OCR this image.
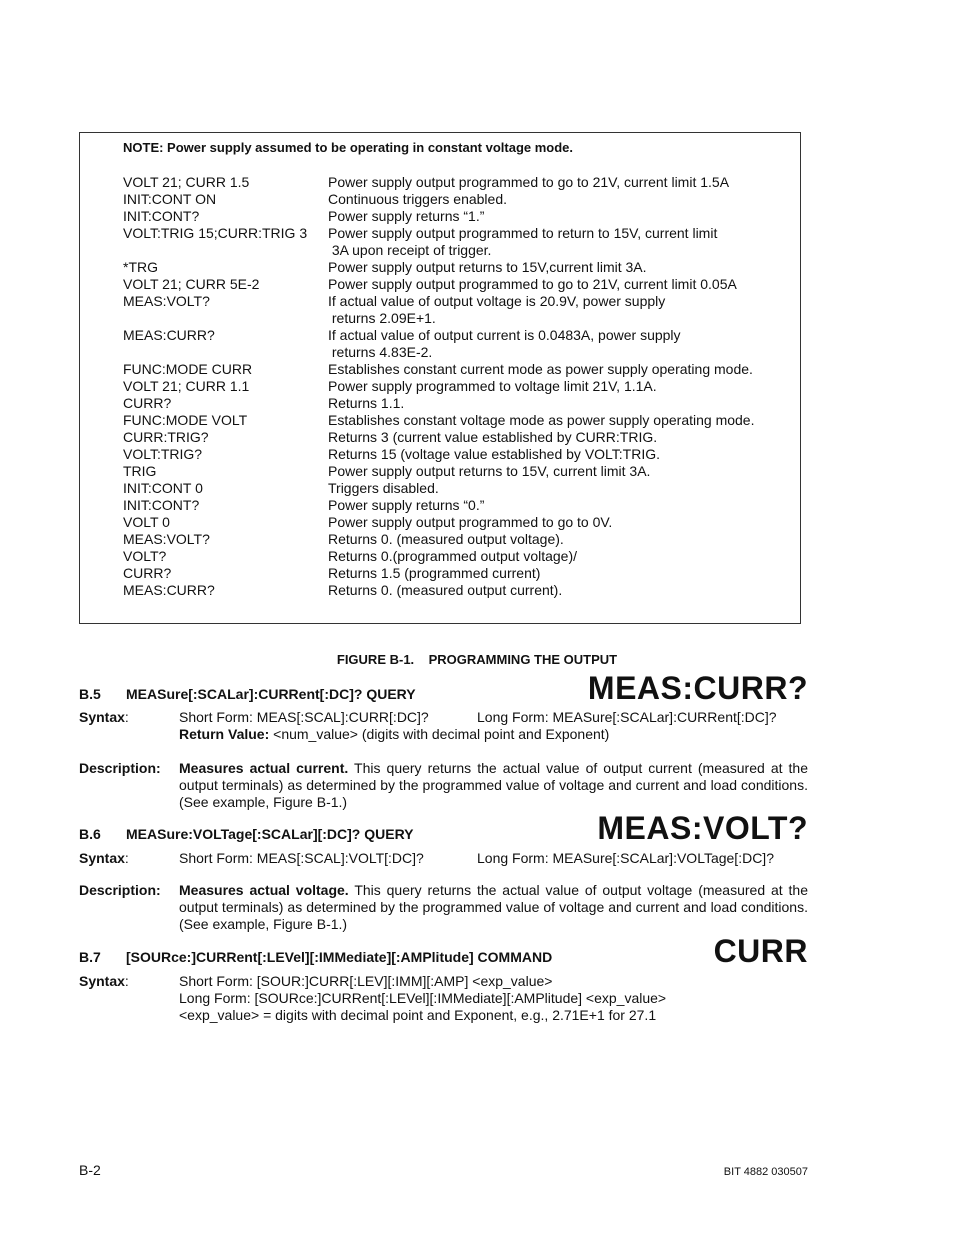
NOTE: Power supply assumed to be operating in constant voltage mode.
VOLT 21; CURR 1.5	Power supply output programmed to go to 21V, current limit 1.5A
INIT:CONT ON	Continuous triggers enabled.
INIT:CONT?	Power supply returns “1.”
VOLT:TRIG 15;CURR:TRIG 3	Power supply output programmed to return to 15V, current limit
3A upon receipt of trigger.
*TRG	Power supply output returns to 15V,current limit 3A.
VOLT 21; CURR 5E-2	Power supply output programmed to go to 21V, current limit 0.05A
MEAS:VOLT?	If actual value of output voltage is 20.9V, power supply
returns 2.09E+1.
MEAS:CURR?	If actual value of output current is 0.0483A, power supply
returns 4.83E-2.
FUNC:MODE CURR	Establishes constant current mode as power supply operating mode.
VOLT 21; CURR 1.1	Power supply programmed to voltage limit 21V, 1.1A.
CURR?	Returns 1.1.
FUNC:MODE VOLT	Establishes constant voltage mode as power supply operating mode.
CURR:TRIG?	Returns 3 (current value established by CURR:TRIG.
VOLT:TRIG?	Returns 15 (voltage value established by VOLT:TRIG.
TRIG	Power supply output returns to 15V, current limit 3A.
INIT:CONT 0	Triggers disabled.
INIT:CONT?	Power supply returns “0.”
VOLT 0	Power supply output programmed to go to 0V.
MEAS:VOLT?	Returns 0. (measured output voltage).
VOLT?	Returns 0.(programmed output voltage)/
CURR?	Returns 1.5 (programmed current)
MEAS:CURR?	Returns 0. (measured output current).
FIGURE B-1.    PROGRAMMING THE OUTPUT
B.5 MEASure[:SCALar]:CURRent[:DC]? QUERY	MEAS:CURR?
Syntax:	Short Form: MEAS[:SCAL]:CURR[:DC]?	Long Form: MEASure[:SCALar]:CURRent[:DC]?
Return Value: <num_value> (digits with decimal point and Exponent)
Description: Measures actual current. This query returns the actual value of output current (measured at the output terminals) as determined by the programmed value of voltage and current and load conditions. (See example, Figure B-1.)
B.6 MEASure:VOLTage[:SCALar][:DC]? QUERY	MEAS:VOLT?
Syntax:	Short Form: MEAS[:SCAL]:VOLT[:DC]?	Long Form: MEASure[:SCALar]:VOLTage[:DC]?
Description: Measures actual voltage. This query returns the actual value of output voltage (measured at the output terminals) as determined by the programmed value of voltage and current and load conditions. (See example, Figure B-1.)
B.7 [SOURce:]CURRent[:LEVel][:IMMediate][:AMPlitude] COMMAND	CURR
Syntax:	Short Form: [SOUR:]CURR[:LEV][:IMM][:AMP] <exp_value>
Long Form: [SOURce:]CURRent[:LEVel][:IMMediate][:AMPlitude] <exp_value>
<exp_value> = digits with decimal point and Exponent, e.g., 2.71E+1 for 27.1
B-2	BIT 4882 030507
